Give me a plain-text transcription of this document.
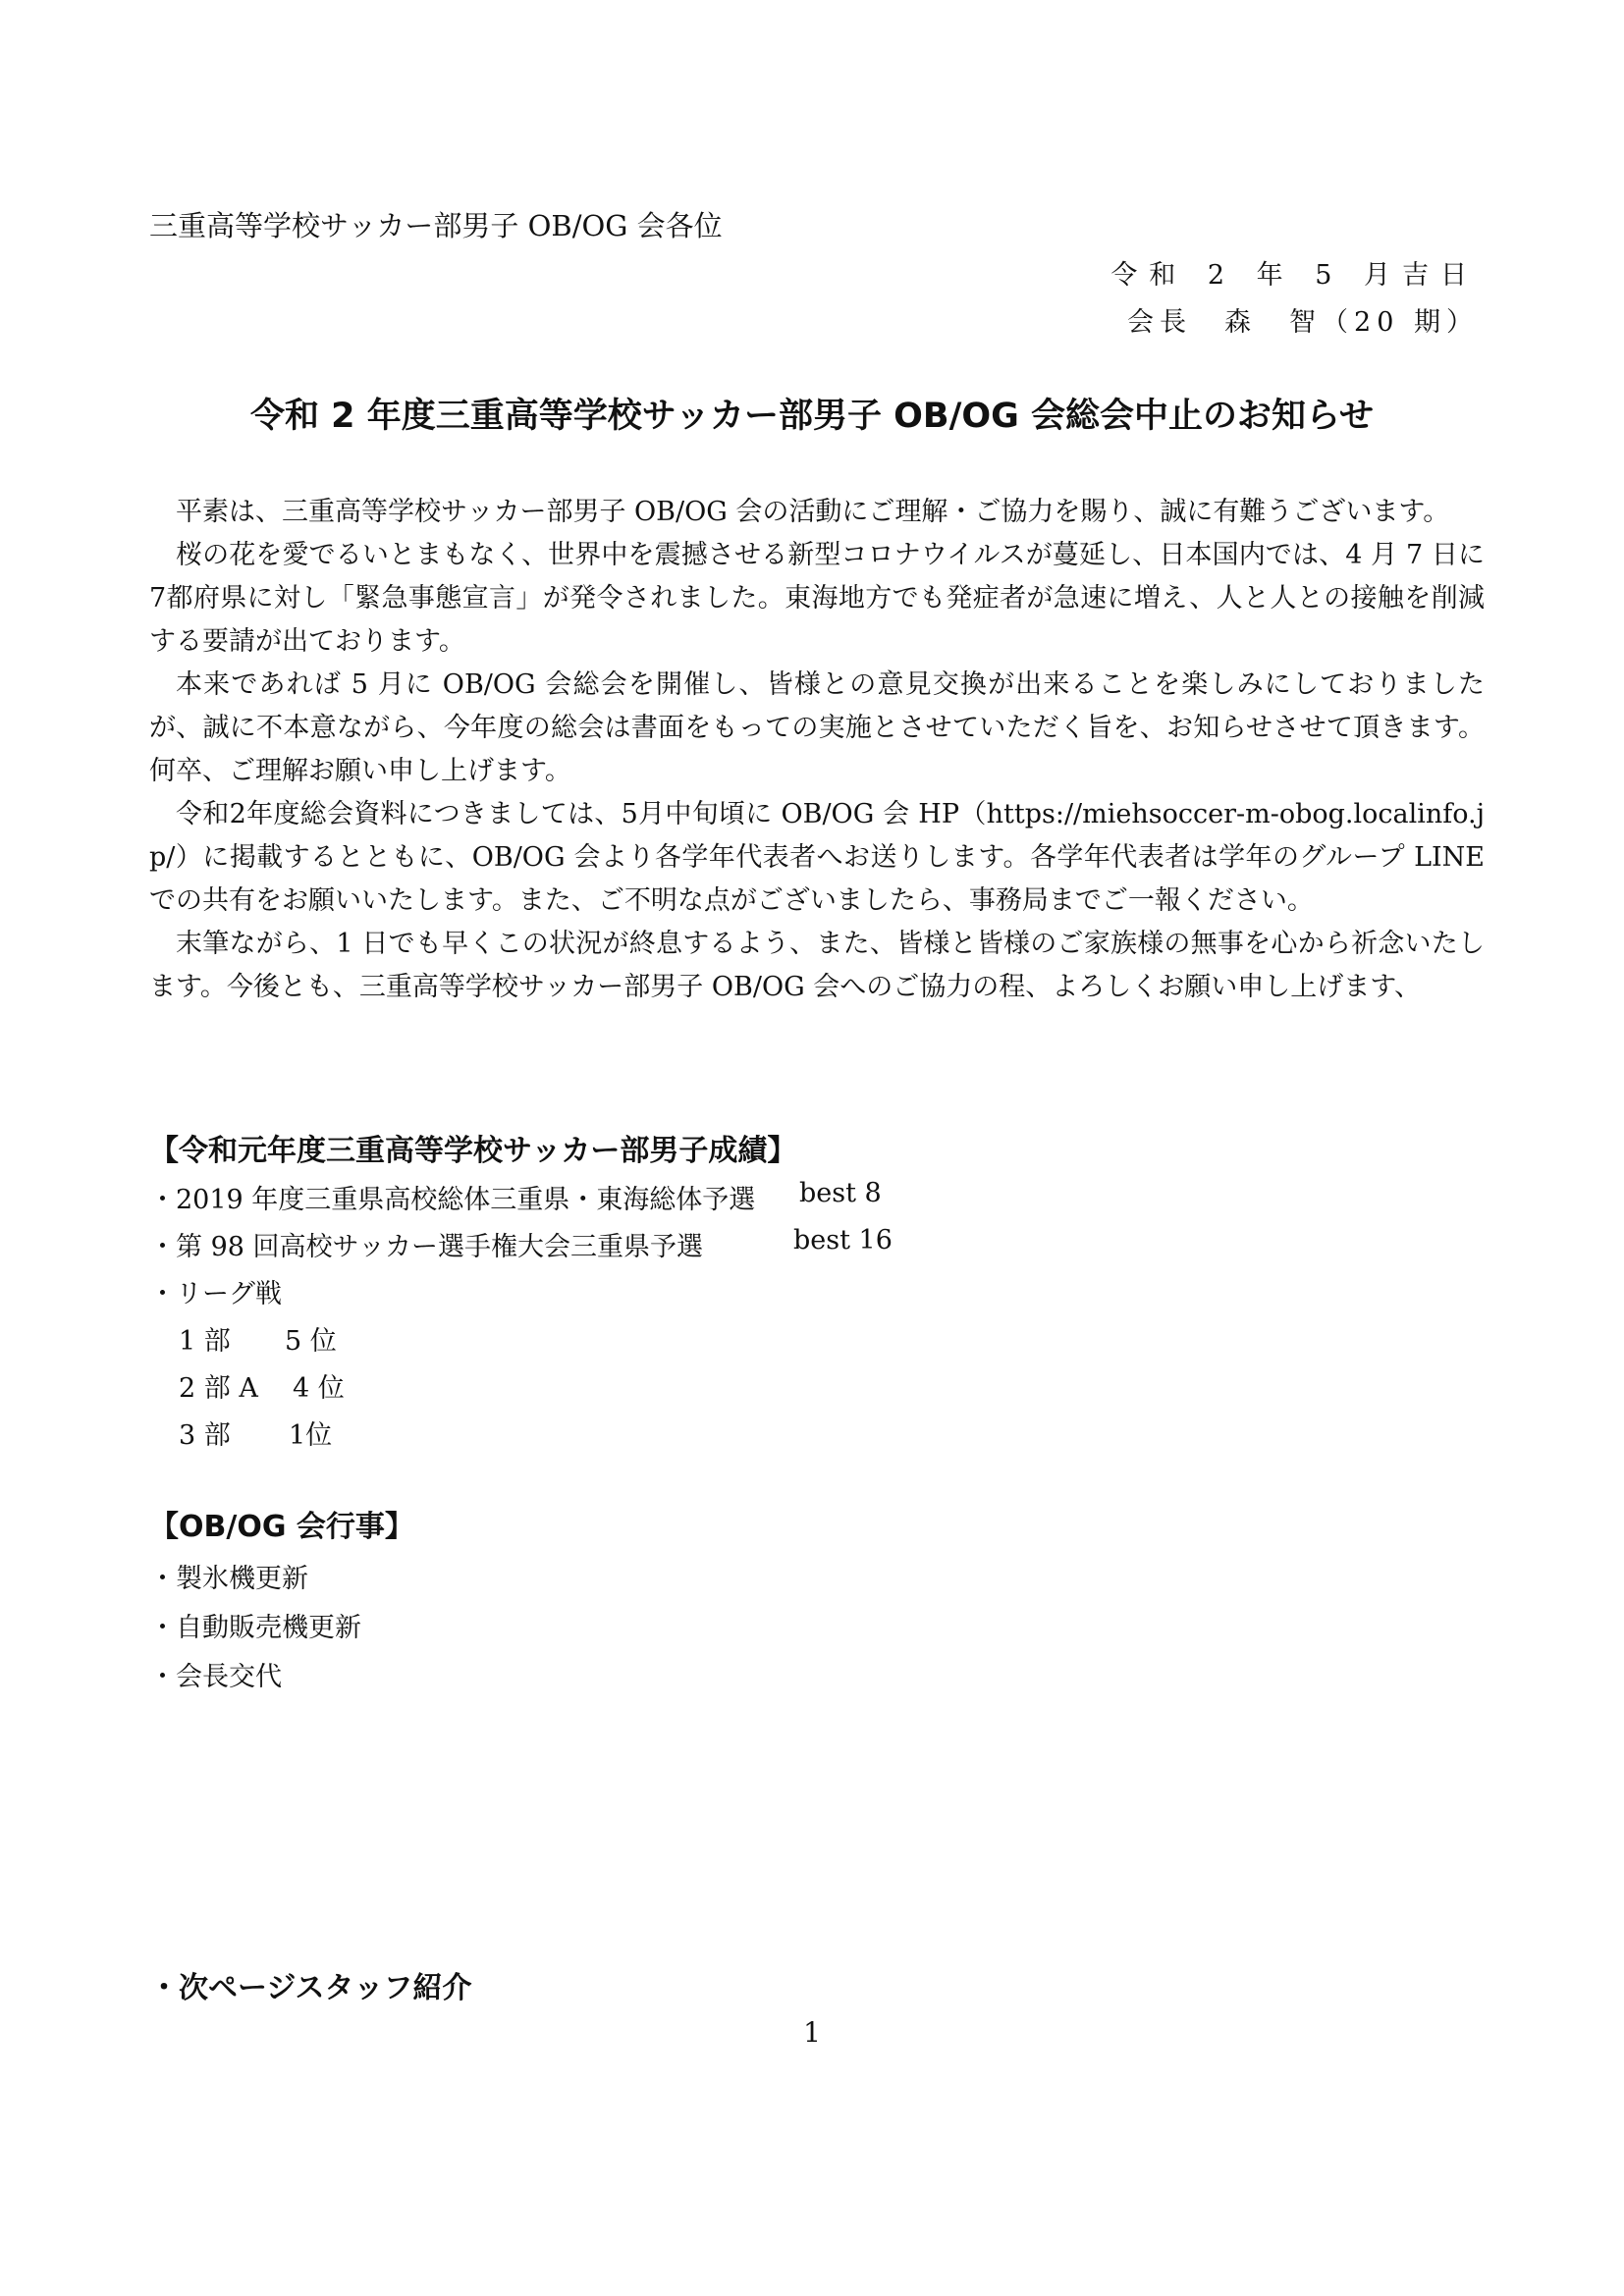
三重高等学校サッカー部男子 OB/OG 会各位
令和 2 年 5 月吉日
会長　森　智（20 期）
令和 2 年度三重高等学校サッカー部男子 OB/OG 会総会中止のお知らせ

平素は、三重高等学校サッカー部男子 OB/OG 会の活動にご理解・ご協力を賜り、誠に有難うございます。

桜の花を愛でるいとまもなく、世界中を震撼させる新型コロナウイルスが蔓延し、日本国内では、4 月 7 日に7都府県に対し「緊急事態宣言」が発令されました。東海地方でも発症者が急速に増え、人と人との接触を削減する要請が出ております。

本来であれば 5 月に OB/OG 会総会を開催し、皆様との意見交換が出来ることを楽しみにしておりましたが、誠に不本意ながら、今年度の総会は書面をもっての実施とさせていただく旨を、お知らせさせて頂きます。何卒、ご理解お願い申し上げます。

令和2年度総会資料につきましては、5月中旬頃に OB/OG 会 HP（https://miehsoccer-m-obog.localinfo.jp/）に掲載するとともに、OB/OG 会より各学年代表者へお送りします。各学年代表者は学年のグループ LINE での共有をお願いいたします。また、ご不明な点がございましたら、事務局までご一報ください。

末筆ながら、1 日でも早くこの状況が終息するよう、また、皆様と皆様のご家族様の無事を心から祈念いたします。今後とも、三重高等学校サッカー部男子 OB/OG 会へのご協力の程、よろしくお願い申し上げます、

【令和元年度三重高等学校サッカー部男子成績】
・2019 年度三重県高校総体三重県・東海総体予選 best 8
・第 98 回高校サッカー選手権大会三重県予選	best 16
・リーグ戦
1 部 5 位
2 部 A 4 位
3 部 1位
【OB/OG 会行事】
・製氷機更新
・自動販売機更新
・会長交代
・次ページスタッフ紹介
1
